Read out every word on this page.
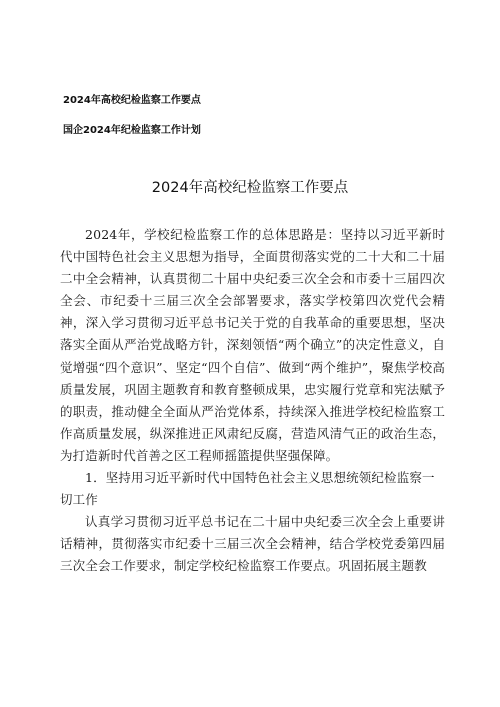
2024年高校纪检监察工作要点
国企2024年纪检监察工作计划
2024年高校纪检监察工作要点

2024年，学校纪检监察工作的总体思路是：坚持以习近平新时代中国特色社会主义思想为指导，全面贯彻落实党的二十大和二十届二中全会精神，认真贯彻二十届中央纪委三次全会和市委十三届四次全会、市纪委十三届三次全会部署要求，落实学校第四次党代会精神，深入学习贯彻习近平总书记关于党的自我革命的重要思想，坚决落实全面从严治党战略方针，深刻领悟“两个确立”的决定性意义，自觉增强“四个意识”、坚定“四个自信”、做到“两个维护”，聚焦学校高质量发展，巩固主题教育和教育整顿成果，忠实履行党章和宪法赋予的职责，推动健全全面从严治党体系，持续深入推进学校纪检监察工作高质量发展，纵深推进正风肃纪反腐，营造风清气正的政治生态，为打造新时代首善之区工程师摇篮提供坚强保障。

1．坚持用习近平新时代中国特色社会主义思想统领纪检监察一切工作

认真学习贯彻习近平总书记在二十届中央纪委三次全会上重要讲话精神，贯彻落实市纪委十三届三次全会精神，结合学校党委第四届三次全会工作要求，制定学校纪检监察工作要点。巩固拓展主题教
